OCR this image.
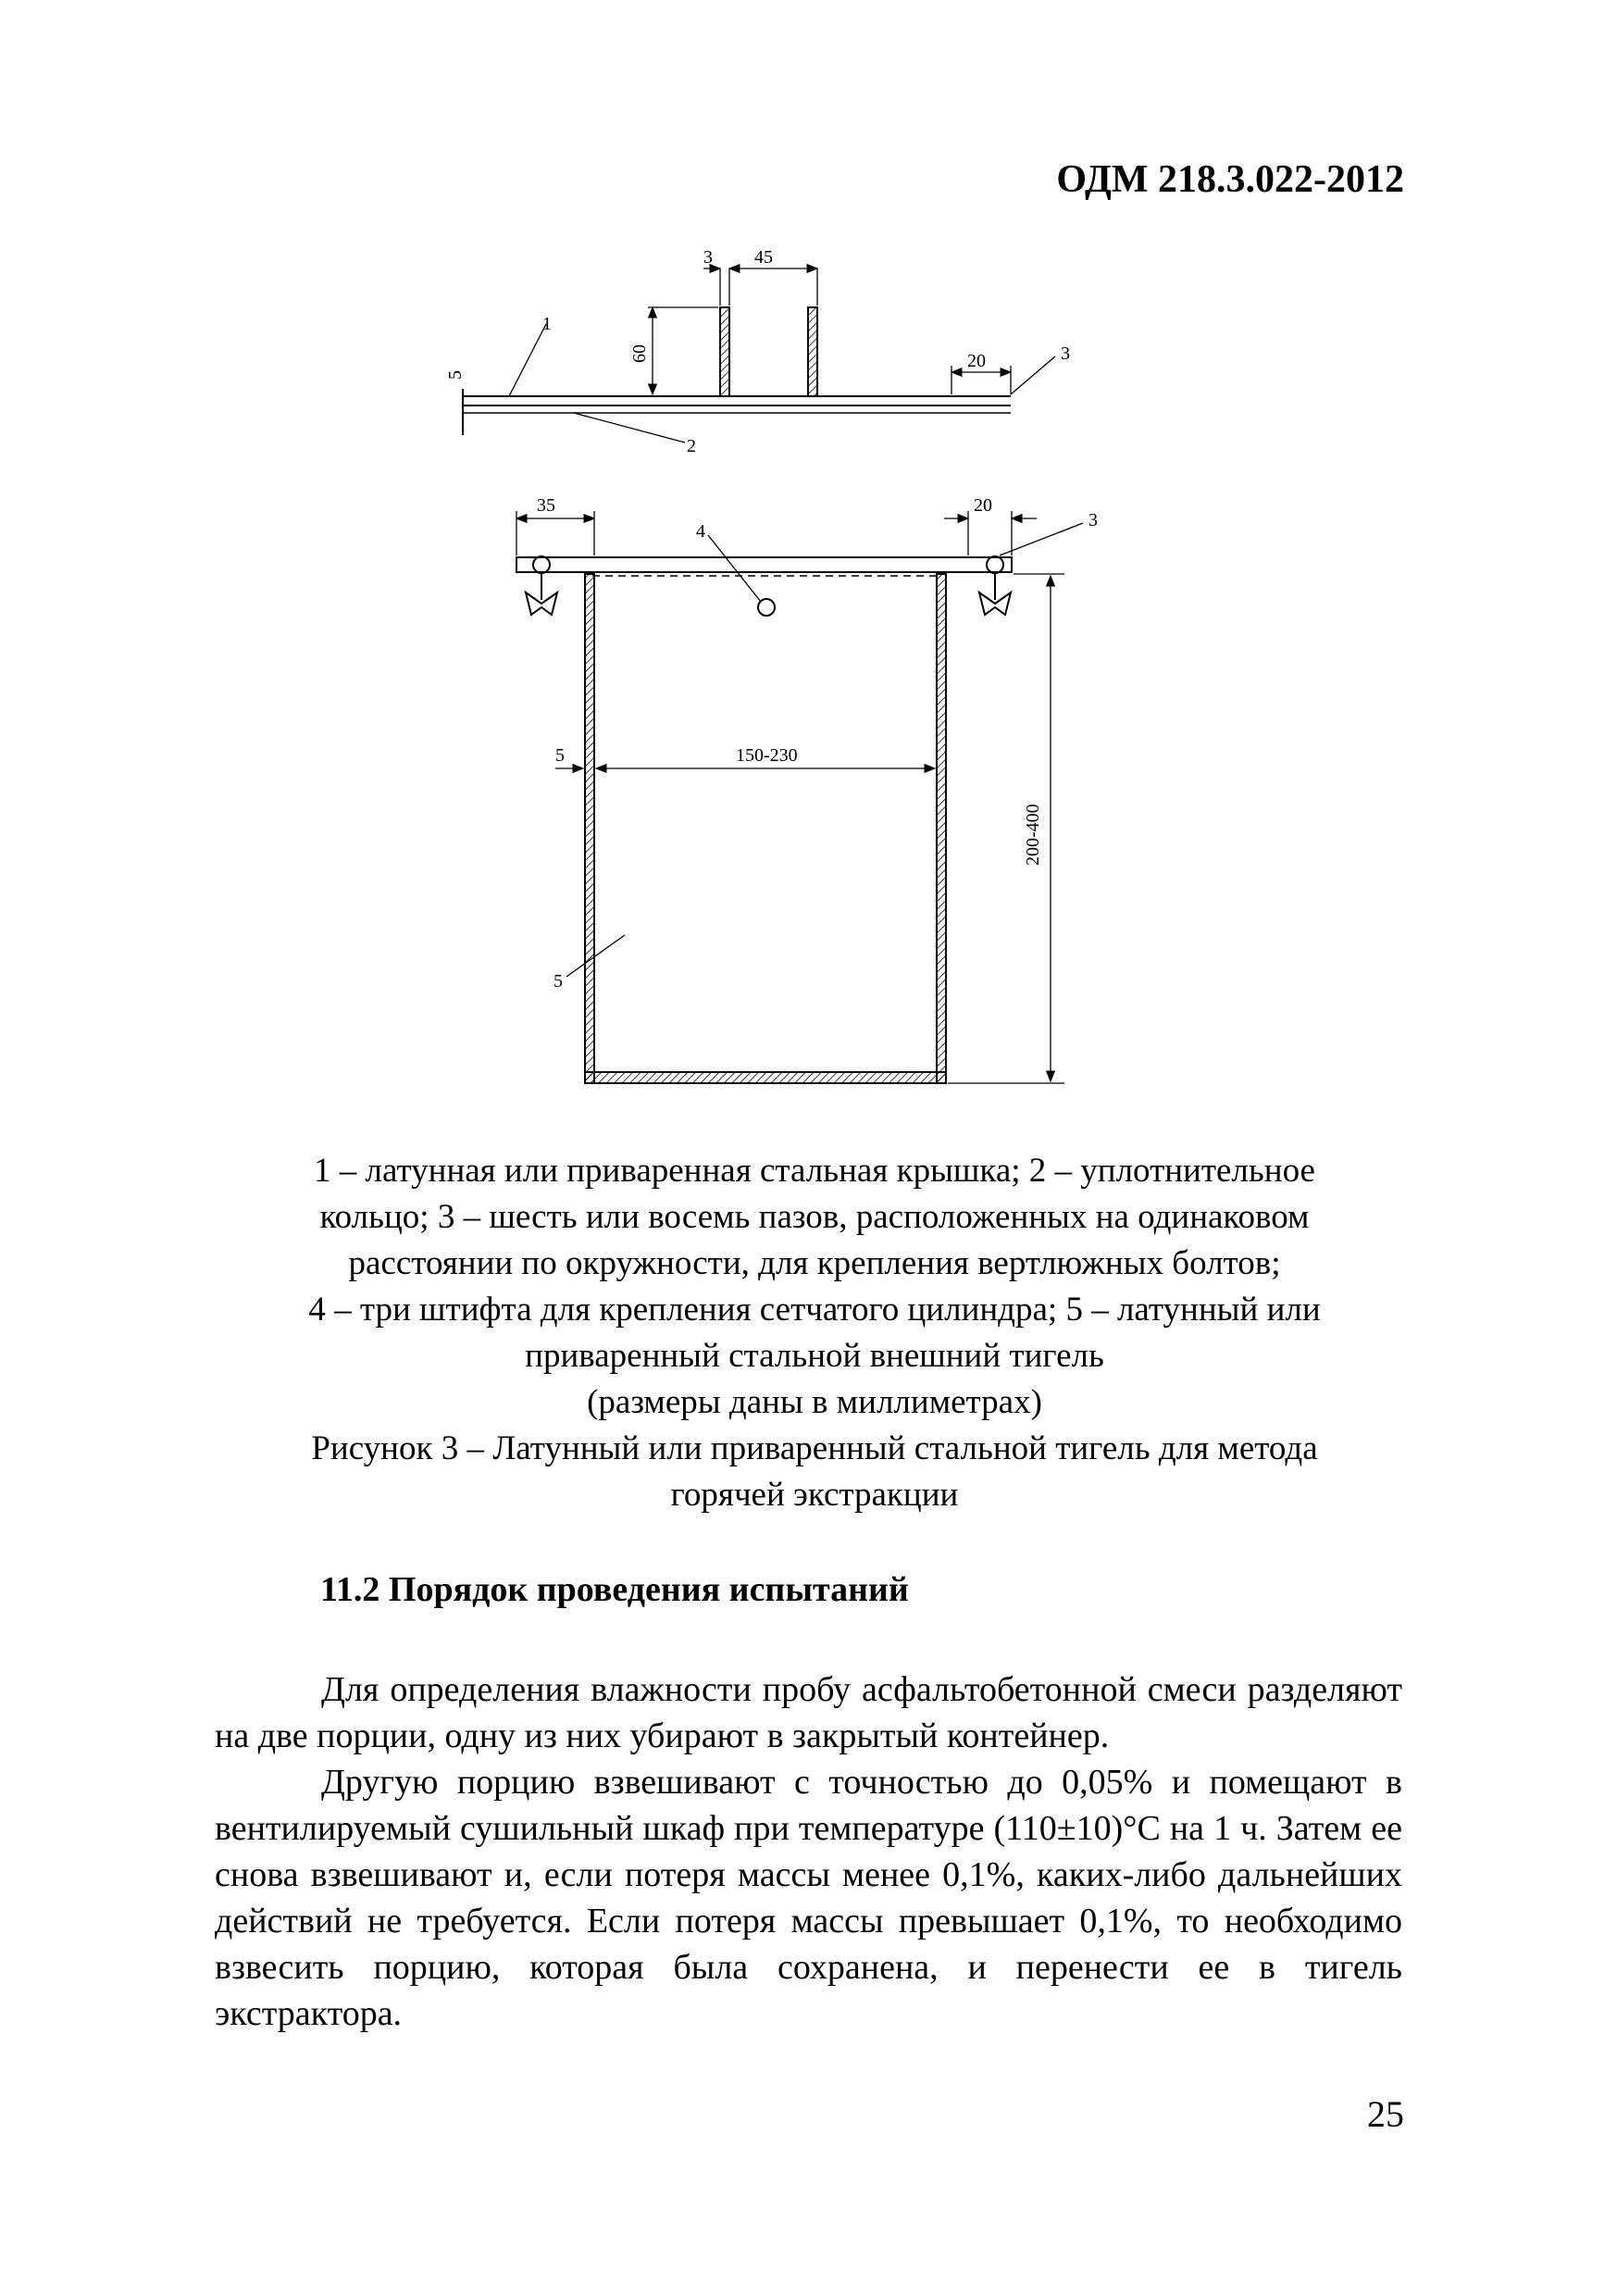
ОДМ 218.3.022-2012
3 45
60
5
20
1
2
3
35	20
3
4
150-230
5
5
200-400
1 – латунная или приваренная стальная крышка; 2 – уплотнительное
кольцо; 3 – шесть или восемь пазов, расположенных на одинаковом
расстоянии по окружности, для крепления вертлюжных болтов;
4 – три штифта для крепления сетчатого цилиндра; 5 – латунный или
приваренный стальной внешний тигель
(размеры даны в миллиметрах)
Рисунок 3 – Латунный или приваренный стальной тигель для метода
горячей экстракции
11.2 Порядок проведения испытаний

Для определения влажности пробу асфальтобетонной смеси разделяют на две порции, одну из них убирают в закрытый контейнер.

Другую порцию взвешивают с точностью до 0,05% и помещают в вентилируемый сушильный шкаф при температуре (110±10)°С на 1 ч. Затем ее снова взвешивают и, если потеря массы менее 0,1%, каких-либо дальнейших действий не требуется. Если потеря массы превышает 0,1%, то необходимо взвесить порцию, которая была сохранена, и перенести ее в тигель экстрактора.

25
